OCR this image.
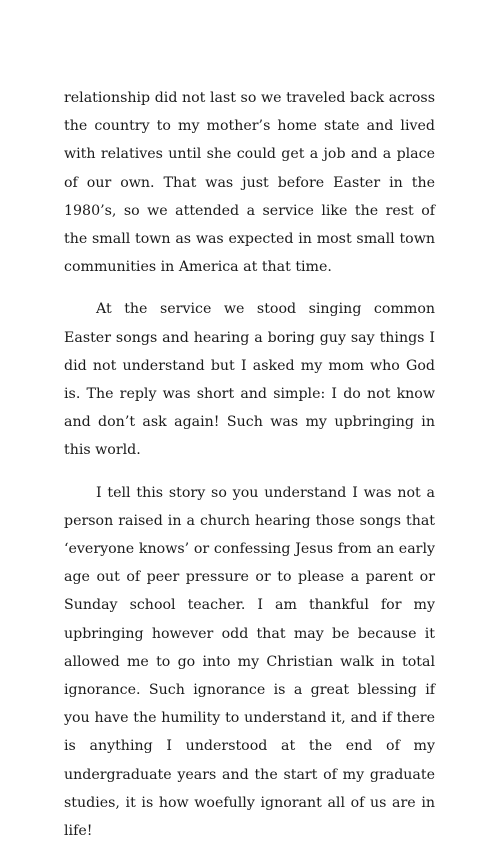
relationship did not last so we traveled back across the country to my mother’s home state and lived with relatives until she could get a job and a place of our own. That was just before Easter in the 1980’s, so we attended a service like the rest of the small town as was expected in most small town communities in America at that time.

At the service we stood singing common Easter songs and hearing a boring guy say things I did not understand but I asked my mom who God is. The reply was short and simple: I do not know and don’t ask again! Such was my upbringing in this world.

I tell this story so you understand I was not a person raised in a church hearing those songs that ‘everyone knows’ or confessing Jesus from an early age out of peer pressure or to please a parent or Sunday school teacher. I am thankful for my upbringing however odd that may be because it allowed me to go into my Christian walk in total ignorance. Such ignorance is a great blessing if you have the humility to understand it, and if there is anything I understood at the end of my undergraduate years and the start of my graduate studies, it is how woefully ignorant all of us are in life!
